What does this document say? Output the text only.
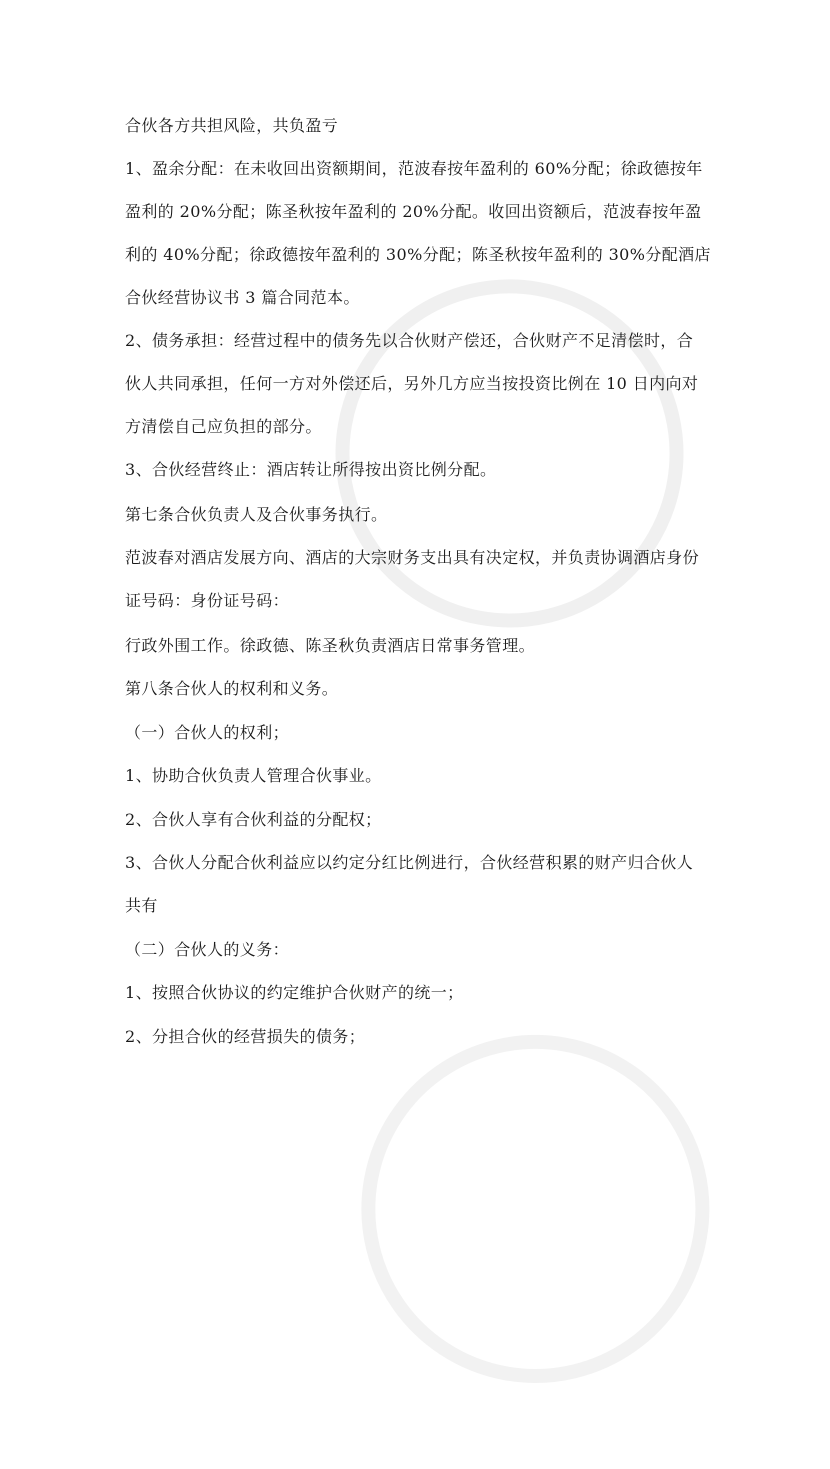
合伙各方共担风险，共负盈亏
1、盈余分配：在未收回出资额期间，范波春按年盈利的 60%分配；徐政德按年
盈利的 20%分配；陈圣秋按年盈利的 20%分配。收回出资额后，范波春按年盈
利的 40%分配；徐政德按年盈利的 30%分配；陈圣秋按年盈利的 30%分配酒店
合伙经营协议书 3 篇合同范本。
2、债务承担：经营过程中的债务先以合伙财产偿还，合伙财产不足清偿时，合
伙人共同承担，任何一方对外偿还后，另外几方应当按投资比例在 10 日内向对
方清偿自己应负担的部分。
3、合伙经营终止：酒店转让所得按出资比例分配。
第七条合伙负责人及合伙事务执行。
范波春对酒店发展方向、酒店的大宗财务支出具有决定权，并负责协调酒店身份
证号码：身份证号码：
行政外围工作。徐政德、陈圣秋负责酒店日常事务管理。
第八条合伙人的权利和义务。
（一）合伙人的权利；
1、协助合伙负责人管理合伙事业。
2、合伙人享有合伙利益的分配权；
3、合伙人分配合伙利益应以约定分红比例进行，合伙经营积累的财产归合伙人
共有
（二）合伙人的义务：
1、按照合伙协议的约定维护合伙财产的统一；
2、分担合伙的经营损失的债务；
